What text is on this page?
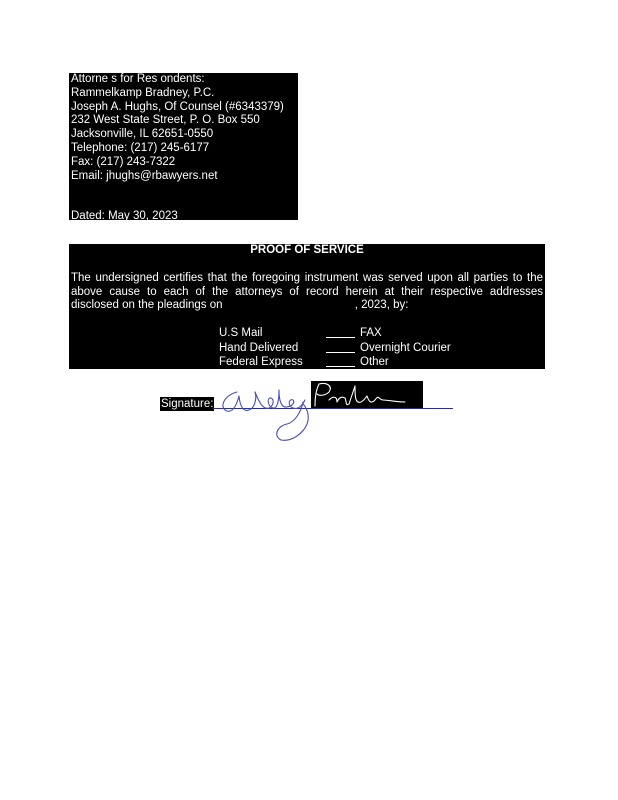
Attorne s for Res ondents:
Rammelkamp Bradney, P.C.
Joseph A. Hughs, Of Counsel (#6343379)
232 West State Street, P. O. Box 550
Jacksonville, IL 62651-0550
Telephone: (217) 245-6177
Fax: (217) 243-7322
Email: jhughs@rbawyers.net
Dated: May 30, 2023
PROOF OF SERVICE
The undersigned certifies that the foregoing instrument was served upon all parties to the above cause to each of the attorneys of record herein at their respective addresses disclosed on the pleadings on	, 2023, by:
U.S Mail	FAX
Hand Delivered	Overnight Courier
Federal Express	Other
Signature:
